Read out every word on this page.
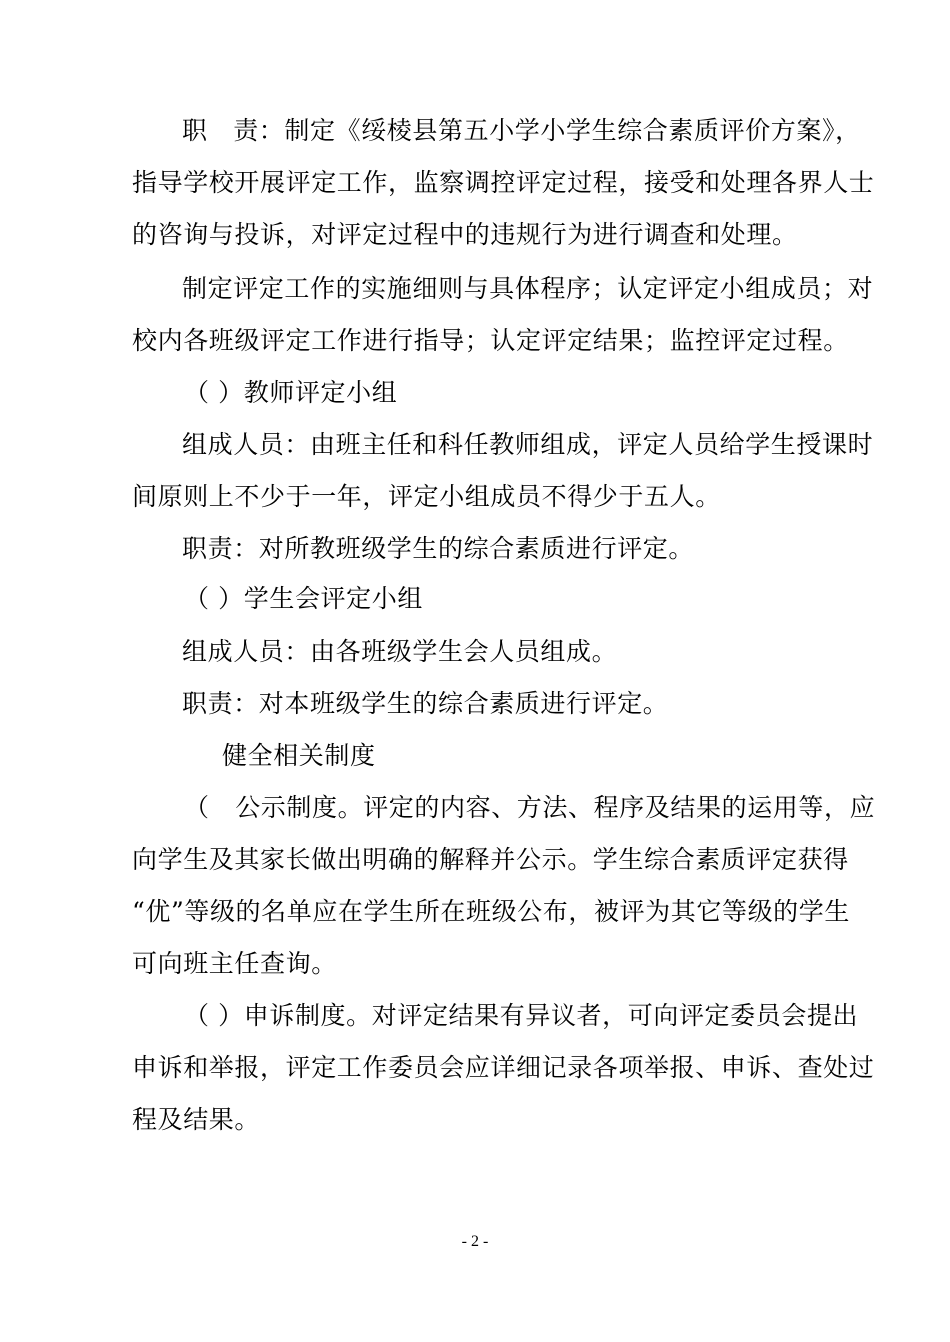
职　责：制定《绥棱县第五小学小学生综合素质评价方案》，
指导学校开展评定工作，监察调控评定过程，接受和处理各界人士
的咨询与投诉，对评定过程中的违规行为进行调查和处理。
制定评定工作的实施细则与具体程序；认定评定小组成员；对
校内各班级评定工作进行指导；认定评定结果；监控评定过程。
（ ）教师评定小组
组成人员：由班主任和科任教师组成，评定人员给学生授课时
间原则上不少于一年，评定小组成员不得少于五人。
职责：对所教班级学生的综合素质进行评定。
（ ）学生会评定小组
组成人员：由各班级学生会人员组成。
职责：对本班级学生的综合素质进行评定。
健全相关制度
（　公示制度。评定的内容、方法、程序及结果的运用等，应
向学生及其家长做出明确的解释并公示。学生综合素质评定获得
“优”等级的名单应在学生所在班级公布，被评为其它等级的学生
可向班主任查询。
（ ）申诉制度。对评定结果有异议者，可向评定委员会提出
申诉和举报，评定工作委员会应详细记录各项举报、申诉、查处过
程及结果。
- 2 -
